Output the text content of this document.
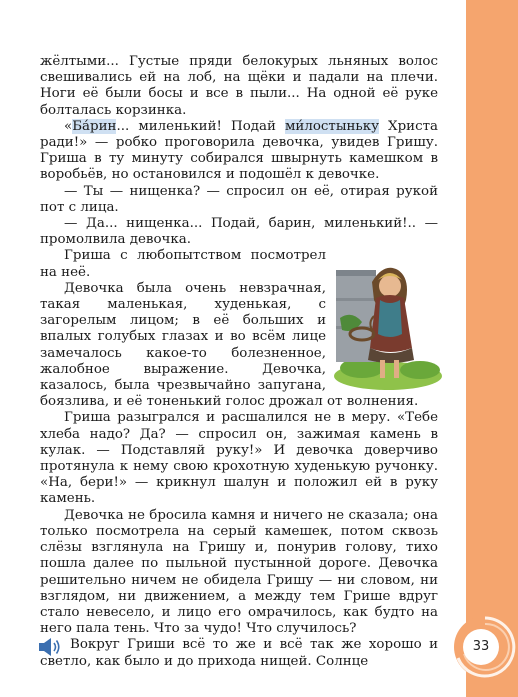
жёлтыми... Густые пряди белокурых льняных волос свешивались ей на лоб, на щёки и падали на плечи. Ноги её были босы и все в пыли... На одной её руке болталась корзинка.

«Ба́рин... миленький! Подай ми́лостыньку Христа ради!» — робко проговорила девочка, увидев Гришу. Гриша в ту минуту собирался швырнуть камешком в воробьёв, но остановился и подошёл к девочке.

— Ты — нищенка? — спросил он её, отирая рукой пот с лица.

— Да... нищенка... Подай, барин, миленький!.. — промолвила девочка.

Гриша с любопытством посмотрел на неё.

Девочка была очень невзрачная, такая маленькая, худенькая, с загорелым лицом; в её больших и впалых голубых глазах и во всём лице замечалось какое-то болезненное, жалобное выражение. Девочка, казалось, была чрезвычайно запугана, боязлива, и её тоненький голос дрожал от волнения.

Гриша разыгрался и расшалился не в меру. «Тебе хлеба надо? Да? — спросил он, зажимая камень в кулак. — Подставляй руку!» И девочка доверчиво протянула к нему свою крохотную худенькую ручонку. «На, бери!» — крикнул шалун и положил ей в руку камень.

Девочка не бросила камня и ничего не сказала; она только посмотрела на серый камешек, потом сквозь слёзы взглянула на Гришу и, понурив голову, тихо пошла далее по пыльной пустынной дороге. Девочка решительно ничем не обидела Гришу — ни словом, ни взглядом, ни движением, а между тем Грише вдруг стало невесело, и лицо его омрачилось, как будто на него пала тень. Что за чудо! Что случилось?

Вокруг Гриши всё то же и всё так же хорошо и светло, как было и до прихода нищей. Солнце

33
